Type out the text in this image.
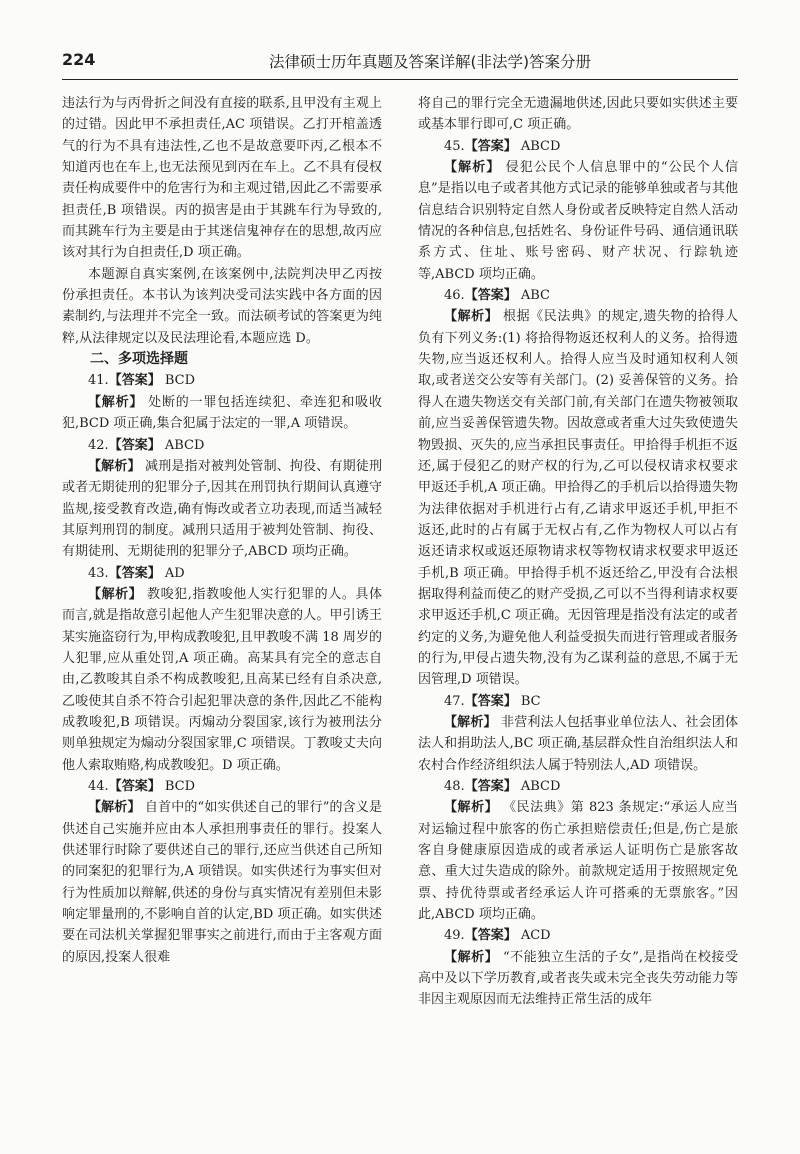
224	法律硕士历年真题及答案详解(非法学)答案分册

违法行为与丙骨折之间没有直接的联系,且甲没有主观上的过错。因此甲不承担责任,AC 项错误。乙打开棺盖透气的行为不具有违法性,乙也不是故意要吓丙,乙根本不知道丙也在车上,也无法预见到丙在车上。乙不具有侵权责任构成要件中的危害行为和主观过错,因此乙不需要承担责任,B 项错误。丙的损害是由于其跳车行为导致的,而其跳车行为主要是由于其迷信鬼神存在的思想,故丙应该对其行为自担责任,D 项正确。

本题源自真实案例,在该案例中,法院判决甲乙丙按份承担责任。本书认为该判决受司法实践中各方面的因素制约,与法理并不完全一致。而法硕考试的答案更为纯粹,从法律规定以及民法理论看,本题应选 D。

二、多项选择题

41.【答案】 BCD

【解析】 处断的一罪包括连续犯、牵连犯和吸收犯,BCD 项正确,集合犯属于法定的一罪,A 项错误。

42.【答案】 ABCD

【解析】 减刑是指对被判处管制、拘役、有期徒刑或者无期徒刑的犯罪分子,因其在刑罚执行期间认真遵守监规,接受教育改造,确有悔改或者立功表现,而适当减轻其原判刑罚的制度。减刑只适用于被判处管制、拘役、有期徒刑、无期徒刑的犯罪分子,ABCD 项均正确。

43.【答案】 AD

【解析】 教唆犯,指教唆他人实行犯罪的人。具体而言,就是指故意引起他人产生犯罪决意的人。甲引诱王某实施盗窃行为,甲构成教唆犯,且甲教唆不满 18 周岁的人犯罪,应从重处罚,A 项正确。高某具有完全的意志自由,乙教唆其自杀不构成教唆犯,且高某已经有自杀决意,乙唆使其自杀不符合引起犯罪决意的条件,因此乙不能构成教唆犯,B 项错误。丙煽动分裂国家,该行为被刑法分则单独规定为煽动分裂国家罪,C 项错误。丁教唆丈夫向他人索取贿赂,构成教唆犯。D 项正确。

44.【答案】 BCD

【解析】 自首中的“如实供述自己的罪行”的含义是供述自己实施并应由本人承担刑事责任的罪行。投案人供述罪行时除了要供述自己的罪行,还应当供述自己所知的同案犯的犯罪行为,A 项错误。如实供述行为事实但对行为性质加以辩解,供述的身份与真实情况有差别但未影响定罪量刑的,不影响自首的认定,BD 项正确。如实供述要在司法机关掌握犯罪事实之前进行,而由于主客观方面的原因,投案人很难

将自己的罪行完全无遗漏地供述,因此只要如实供述主要或基本罪行即可,C 项正确。

45.【答案】 ABCD

【解析】 侵犯公民个人信息罪中的“公民个人信息”是指以电子或者其他方式记录的能够单独或者与其他信息结合识别特定自然人身份或者反映特定自然人活动情况的各种信息,包括姓名、身份证件号码、通信通讯联系方式、住址、账号密码、财产状况、行踪轨迹等,ABCD 项均正确。

46.【答案】 ABC

【解析】 根据《民法典》的规定,遗失物的拾得人负有下列义务:(1) 将拾得物返还权利人的义务。拾得遗失物,应当返还权利人。拾得人应当及时通知权利人领取,或者送交公安等有关部门。(2) 妥善保管的义务。拾得人在遗失物送交有关部门前,有关部门在遗失物被领取前,应当妥善保管遗失物。因故意或者重大过失致使遗失物毁损、灭失的,应当承担民事责任。甲拾得手机拒不返还,属于侵犯乙的财产权的行为,乙可以侵权请求权要求甲返还手机,A 项正确。甲拾得乙的手机后以拾得遗失物为法律依据对手机进行占有,乙请求甲返还手机,甲拒不返还,此时的占有属于无权占有,乙作为物权人可以占有返还请求权或返还原物请求权等物权请求权要求甲返还手机,B 项正确。甲拾得手机不返还给乙,甲没有合法根据取得利益而使乙的财产受损,乙可以不当得利请求权要求甲返还手机,C 项正确。无因管理是指没有法定的或者约定的义务,为避免他人利益受损失而进行管理或者服务的行为,甲侵占遗失物,没有为乙谋利益的意思,不属于无因管理,D 项错误。

47.【答案】 BC

【解析】 非营利法人包括事业单位法人、社会团体法人和捐助法人,BC 项正确,基层群众性自治组织法人和农村合作经济组织法人属于特别法人,AD 项错误。

48.【答案】 ABCD

【解析】 《民法典》第 823 条规定:“承运人应当对运输过程中旅客的伤亡承担赔偿责任;但是,伤亡是旅客自身健康原因造成的或者承运人证明伤亡是旅客故意、重大过失造成的除外。前款规定适用于按照规定免票、持优待票或者经承运人许可搭乘的无票旅客。”因此,ABCD 项均正确。

49.【答案】 ACD

【解析】 “不能独立生活的子女”,是指尚在校接受高中及以下学历教育,或者丧失或未完全丧失劳动能力等非因主观原因而无法维持正常生活的成年
